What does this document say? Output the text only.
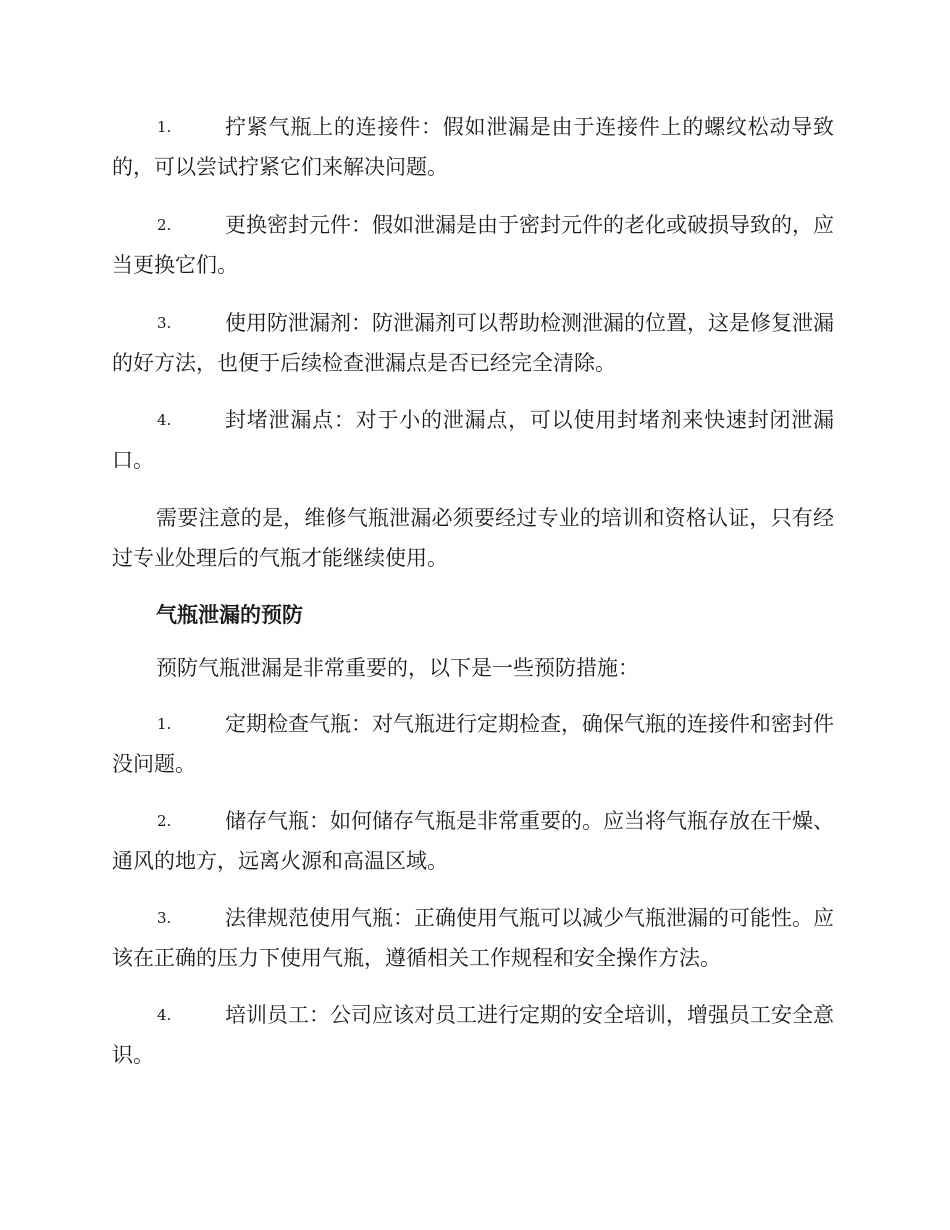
1.	拧紧气瓶上的连接件：假如泄漏是由于连接件上的螺纹松动导致的，可以尝试拧紧它们来解决问题。
2.	更换密封元件：假如泄漏是由于密封元件的老化或破损导致的，应当更换它们。
3.	使用防泄漏剂：防泄漏剂可以帮助检测泄漏的位置，这是修复泄漏的好方法，也便于后续检查泄漏点是否已经完全清除。
4.	封堵泄漏点：对于小的泄漏点，可以使用封堵剂来快速封闭泄漏口。
需要注意的是，维修气瓶泄漏必须要经过专业的培训和资格认证，只有经过专业处理后的气瓶才能继续使用。
气瓶泄漏的预防
预防气瓶泄漏是非常重要的，以下是一些预防措施：
1.	定期检查气瓶：对气瓶进行定期检查，确保气瓶的连接件和密封件没问题。
2.	储存气瓶：如何储存气瓶是非常重要的。应当将气瓶存放在干燥、通风的地方，远离火源和高温区域。
3.	法律规范使用气瓶：正确使用气瓶可以减少气瓶泄漏的可能性。应该在正确的压力下使用气瓶，遵循相关工作规程和安全操作方法。
4.	培训员工：公司应该对员工进行定期的安全培训，增强员工安全意识。
